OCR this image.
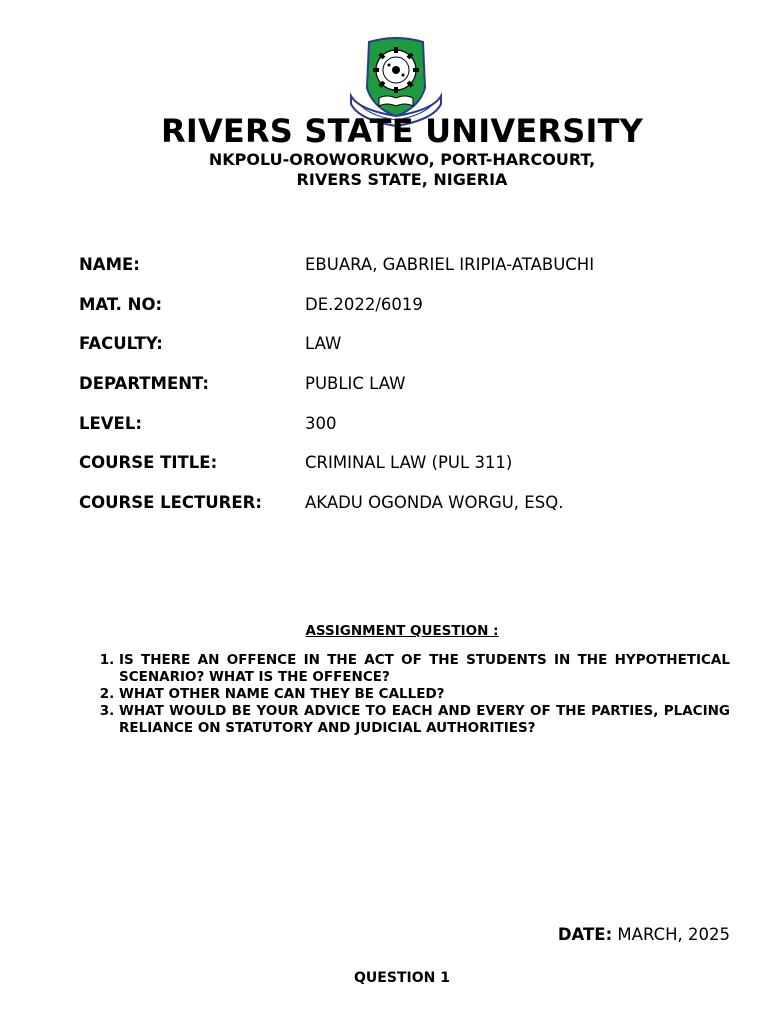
RIVERS STATE UNIVERSITY
NKPOLU-OROWORUKWO, PORT-HARCOURT,
RIVERS STATE, NIGERIA
NAME:	EBUARA, GABRIEL IRIPIA-ATABUCHI
MAT. NO:	DE.2022/6019
FACULTY:	LAW
DEPARTMENT:	PUBLIC LAW
LEVEL:	300
COURSE TITLE:	CRIMINAL LAW (PUL 311)
COURSE LECTURER:	AKADU OGONDA WORGU, ESQ.
ASSIGNMENT QUESTION :
1. IS THERE AN OFFENCE IN THE ACT OF THE STUDENTS IN THE HYPOTHETICAL SCENARIO? WHAT IS THE OFFENCE?
2. WHAT OTHER NAME CAN THEY BE CALLED?
3. WHAT WOULD BE YOUR ADVICE TO EACH AND EVERY OF THE PARTIES, PLACING RELIANCE ON STATUTORY AND JUDICIAL AUTHORITIES?
DATE: MARCH, 2025
QUESTION 1
